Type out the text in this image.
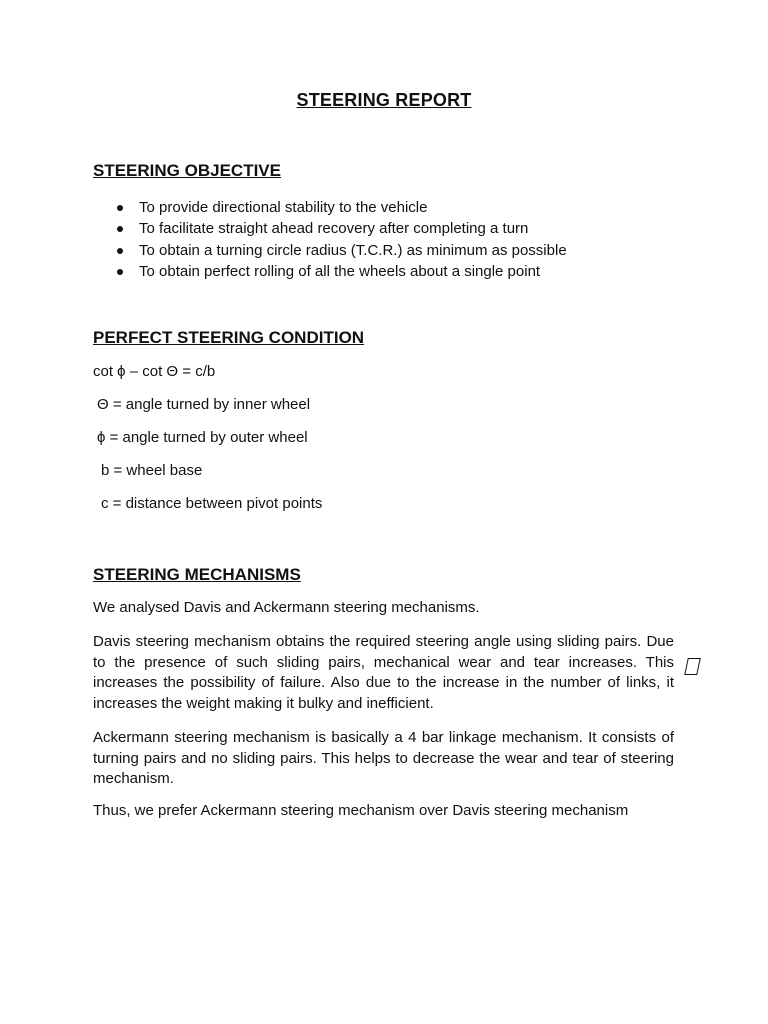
STEERING REPORT
STEERING OBJECTIVE
To provide directional stability to the vehicle
To facilitate straight ahead recovery after completing a turn
To obtain a turning circle radius (T.C.R.) as minimum as possible
To obtain perfect rolling of all the wheels about a single point
PERFECT STEERING CONDITION
cot ϕ – cot Θ = c/b
Θ = angle turned by inner wheel
ϕ = angle turned by outer wheel
b = wheel base
c = distance between pivot points
STEERING MECHANISMS

We analysed Davis and Ackermann steering mechanisms.

Davis steering mechanism obtains the required steering angle using sliding pairs. Due to the presence of such sliding pairs, mechanical wear and tear increases. This increases the possibility of failure. Also due to the increase in the number of links, it increases the weight making it bulky and inefficient.

Ackermann steering mechanism is basically a 4 bar linkage mechanism. It consists of turning pairs and no sliding pairs. This helps to decrease the wear and tear of steering mechanism.

Thus, we prefer Ackermann steering mechanism over Davis steering mechanism
